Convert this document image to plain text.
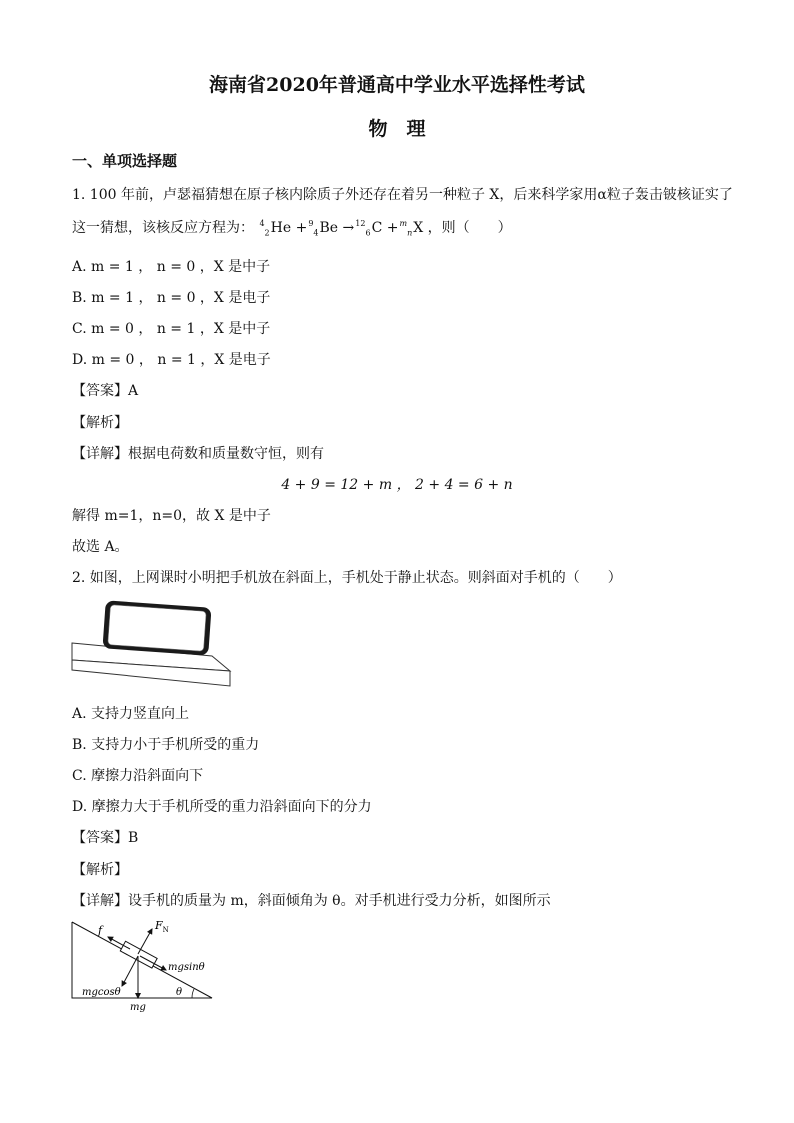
海南省2020年普通高中学业水平选择性考试
物　理
一、单项选择题
1. 100 年前，卢瑟福猜想在原子核内除质子外还存在着另一种粒子 X，后来科学家用α粒子轰击铍核证实了
这一猜想，该核反应方程为： $^4_2$He +$^9_4$Be →$^{12}_6$C +$^m_n$X ，则（　　）
A. m = 1 ， n = 0 ，X 是中子
B. m = 1 ， n = 0 ，X 是电子
C. m = 0 ， n = 1 ，X 是中子
D. m = 0 ， n = 1 ，X 是电子
【答案】A
【解析】
【详解】根据电荷数和质量数守恒，则有
4 + 9 = 12 + m ， 2 + 4 = 6 + n
解得 m=1，n=0，故 X 是中子
故选 A。
2. 如图，上网课时小明把手机放在斜面上，手机处于静止状态。则斜面对手机的（　　）
A. 支持力竖直向上
B. 支持力小于手机所受的重力
C. 摩擦力沿斜面向下
D. 摩擦力大于手机所受的重力沿斜面向下的分力
【答案】B
【解析】
【详解】设手机的质量为 m，斜面倾角为 θ。对手机进行受力分析，如图所示
f	$F_N$
mgsinθ
mgcosθ
mg
θ
